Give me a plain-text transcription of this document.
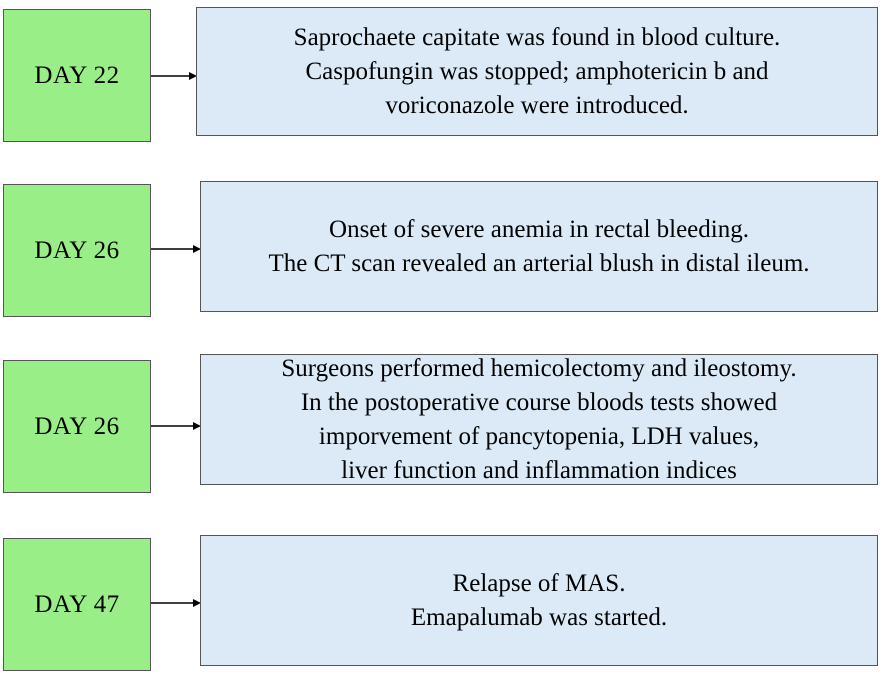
DAY 22
Saprochaete capitate was found in blood culture.
Caspofungin was stopped; amphotericin b and
voriconazole were introduced.
DAY 26
Onset of severe anemia in rectal bleeding.
The CT scan revealed an arterial blush in distal ileum.
DAY 26
Surgeons performed hemicolectomy and ileostomy.
In the postoperative course bloods tests showed
imporvement of pancytopenia, LDH values,
liver function and inflammation indices
DAY 47
Relapse of MAS.
Emapalumab was started.
